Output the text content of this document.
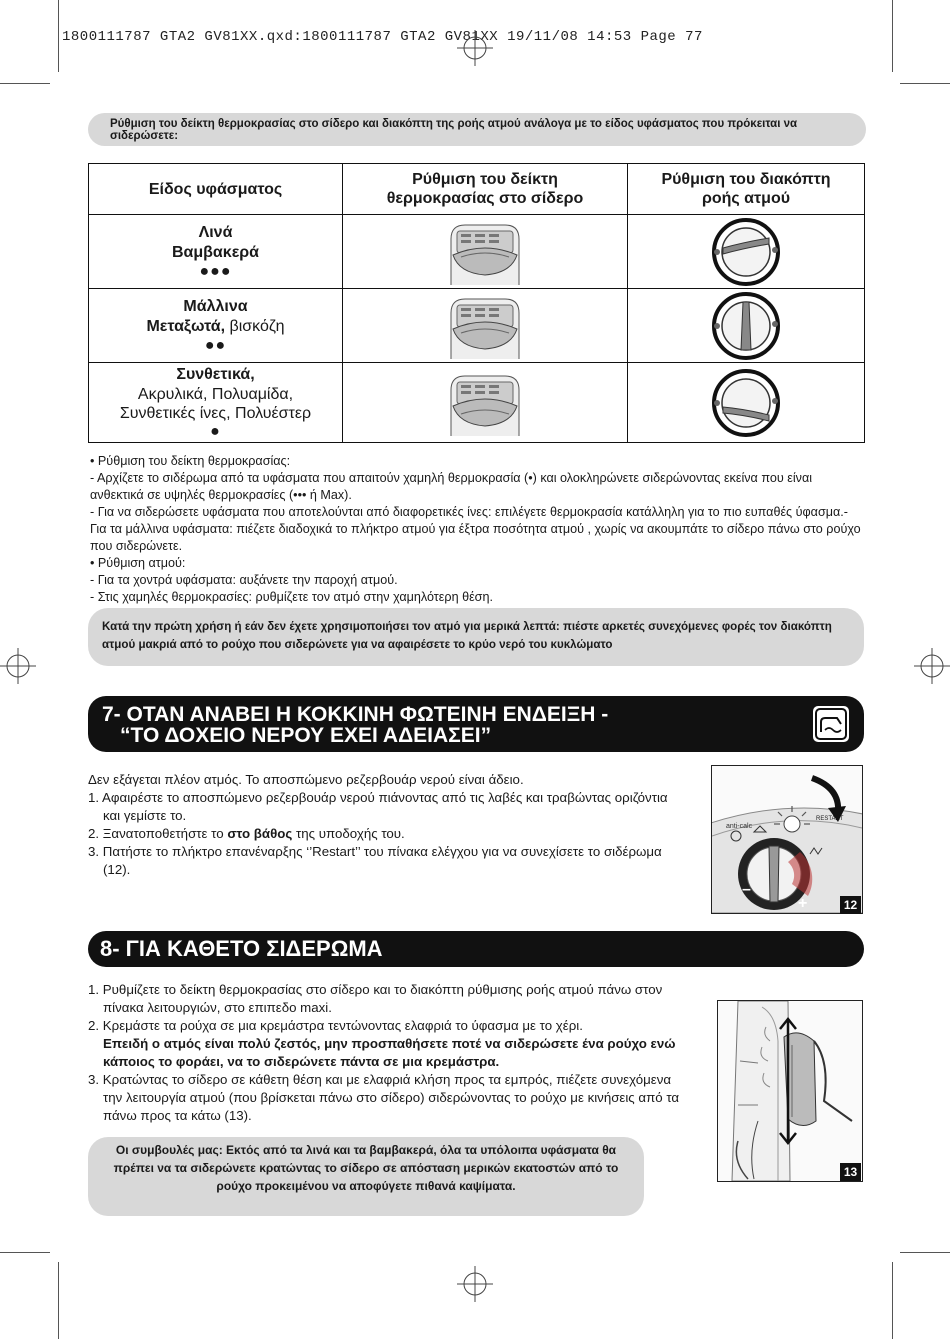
1800111787 GTA2 GV81XX.qxd:1800111787 GTA2 GV81XX 19/11/08 14:53 Page 77
Ρύθμιση του δείκτη θερμοκρασίας στο σίδερο και διακόπτη της ροής ατμού ανάλογα με το είδος υφάσματος που πρόκειται να σιδερώσετε:
Είδος υφάσματος	Ρύθμιση του δείκτη θερμοκρασίας στο σίδερο	Ρύθμιση του διακόπτη ροής ατμού

Λινά
Βαμβακερά
●●●

Μάλλινα
Μεταξωτά, βισκόζη
●●

Συνθετικά,
Ακρυλικά, Πολυαμίδα,
Συνθετικές ίνες, Πολυέστερ
●

• Ρύθμιση του δείκτη θερμοκρασίας:

- Αρχίζετε το σιδέρωμα από τα υφάσματα που απαιτούν χαμηλή θερμοκρασία (•) και ολοκληρώνετε σιδερώνοντας εκείνα που είναι ανθεκτικά σε υψηλές θερμοκρασίες (••• ή Max).

- Για να σιδερώσετε υφάσματα που αποτελούνται από διαφορετικές ίνες: επιλέγετε θερμοκρασία κατάλληλη για το πιο ευπαθές ύφασμα.- Για τα μάλλινα υφάσματα: πιέζετε διαδοχικά το πλήκτρο ατμού για έξτρα ποσότητα ατμού , χωρίς να ακουμπάτε το σίδερο πάνω στο ρούχο που σιδερώνετε.

• Ρύθμιση ατμού:

- Για τα χοντρά υφάσματα: αυξάνετε την παροχή ατμού.

- Στις χαμηλές θερμοκρασίες: ρυθμίζετε τον ατμό στην χαμηλότερη θέση.

Κατά την πρώτη χρήση ή εάν δεν έχετε χρησιμοποιήσει τον ατμό για μερικά λεπτά: πιέστε αρκετές συνεχόμενες φορές τον διακόπτη ατμού μακριά από το ρούχο που σιδερώνετε για να αφαιρέσετε το κρύο νερό του κυκλώματο
7- ΟΤΑΝ ΑΝΑΒΕΙ Η ΚΟΚΚΙΝΗ ΦΩΤΕΙΝΗ ΕΝΔΕΙΞΗ -
“ΤΟ ΔΟΧΕΙΟ ΝΕΡΟΥ ΕΧΕΙ ΑΔΕΙΑΣΕΙ”

Δεν εξάγεται πλέον ατμός. Το αποσπώμενο ρεζερβουάρ νερού είναι άδειο.

1. Αφαιρέστε το αποσπώμενο ρεζερβουάρ νερού πιάνοντας από τις λαβές και τραβώντας οριζόντια και γεμίστε το.

2. Ξανατοποθετήστε το στο βάθος της υποδοχής του.

3. Πατήστε το πλήκτρο επανέναρξης ‘’Restart’’ του πίνακα ελέγχου για να συνεχίσετε το σιδέρωμα (12).

anti-calc
RESTART
–
+	12
8- ΓΙΑ ΚΑΘΕΤΟ ΣΙΔΕΡΩΜΑ

1. Ρυθμίζετε το δείκτη θερμοκρασίας στο σίδερο και το διακόπτη ρύθμισης ροής ατμού πάνω στον πίνακα λειτουργιών, στο επιπεδο maxi.

2. Κρεμάστε τα ρούχα σε μια κρεμάστρα τεντώνοντας ελαφριά το ύφασμα με το χέρι.

Επειδή ο ατμός είναι πολύ ζεστός, μην προσπαθήσετε ποτέ να σιδερώσετε ένα ρούχο ενώ κάποιος το φοράει, να το σιδερώνετε πάντα σε μια κρεμάστρα.

3. Κρατώντας το σίδερο σε κάθετη θέση και με ελαφριά κλήση προς τα εμπρός, πιέζετε συνεχόμενα την λειτουργία ατμού (που βρίσκεται πάνω στο σίδερο) σιδερώνοντας το ρούχο με κινήσεις από τα πάνω προς τα κάτω (13).

13
Οι συμβουλές μας: Εκτός από τα λινά και τα βαμβακερά, όλα τα υπόλοιπα υφάσματα θα πρέπει να τα σιδερώνετε κρατώντας το σίδερο σε απόσταση μερικών εκατοστών από το ρούχο προκειμένου να αποφύγετε πιθανά καψίματα.
